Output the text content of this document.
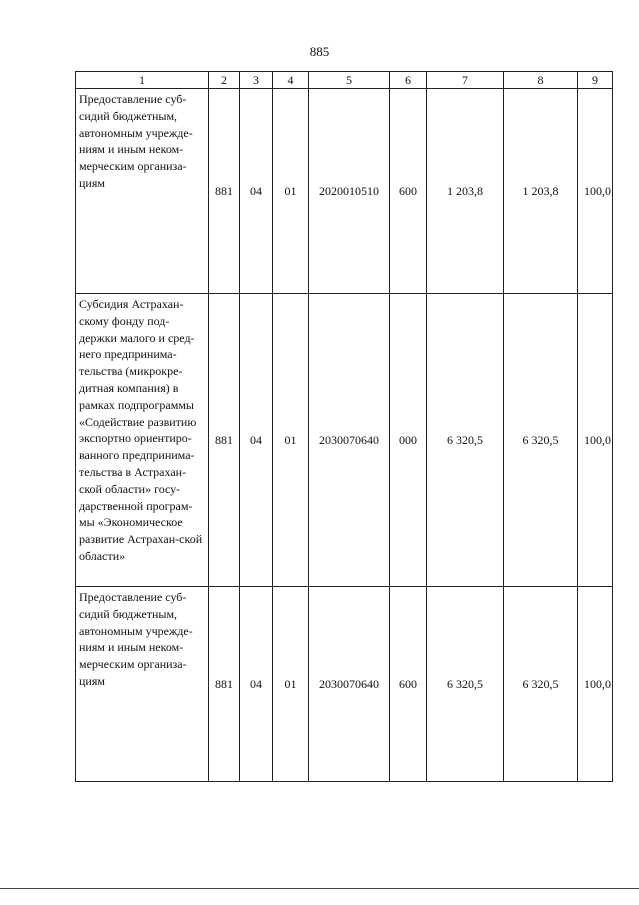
885
1	2	3	4	5	6	7	8	9
Предоставление суб-сидий бюджетным, автономным учрежде-ниям и иным неком-мерческим организа-циям	881	04	01	2020010510	600	1 203,8	1 203,8	100,0
Субсидия Астрахан-скому фонду под-держки малого и сред-него предпринима-тельства (микрокре-дитная компания) в рамках подпрограммы «Содействие развитию экспортно ориентиро-ванного предпринима-тельства в Астрахан-ской области» госу-дарственной програм-мы «Экономическое развитие Астрахан-ской области»	881	04	01	2030070640	000	6 320,5	6 320,5	100,0
Предоставление суб-сидий бюджетным, автономным учрежде-ниям и иным неком-мерческим организа-циям	881	04	01	2030070640	600	6 320,5	6 320,5	100,0
